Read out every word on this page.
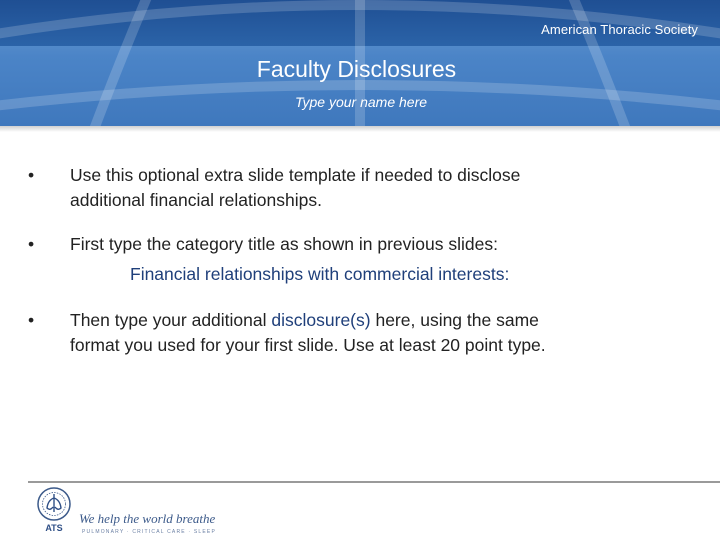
American Thoracic Society
Faculty Disclosures
Type your name here
• Use this optional extra slide template if needed to disclose
additional financial relationships.
• First type the category title as shown in previous slides:
Financial relationships with commercial interests:
• Then type your additional disclosure(s) here, using the same
format you used for your first slide. Use at least 20 point type.
ATS
We help the world breathe
PULMONARY · CRITICAL CARE · SLEEP
